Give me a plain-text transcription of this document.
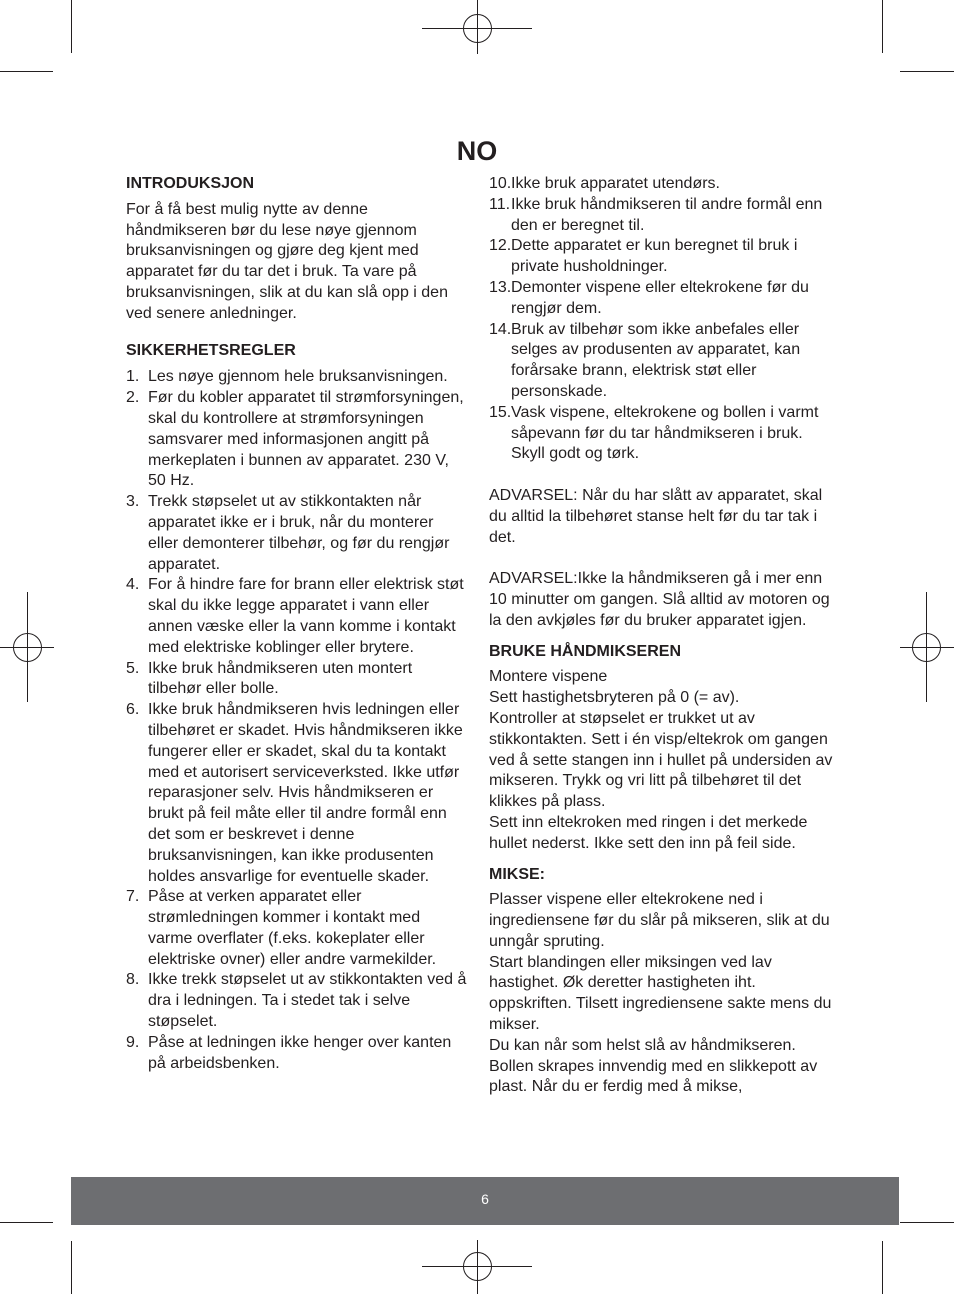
NO
INTRODUKSJON

For å få best mulig nytte av denne håndmikseren bør du lese nøye gjennom bruksanvisningen og gjøre deg kjent med apparatet før du tar det i bruk. Ta vare på bruksanvisningen, slik at du kan slå opp i den ved senere anledninger.

SIKKERHETSREGLER
1. Les nøye gjennom hele bruksanvisningen.
2. Før du kobler apparatet til strømforsyningen, skal du kontrollere at strømforsyningen samsvarer med informasjonen angitt på merkeplaten i bunnen av apparatet. 230 V, 50 Hz.
3. Trekk støpselet ut av stikkontakten når apparatet ikke er i bruk, når du monterer eller demonterer tilbehør, og før du rengjør apparatet.
4. For å hindre fare for brann eller elektrisk støt skal du ikke legge apparatet i vann eller annen væske eller la vann komme i kontakt med elektriske koblinger eller brytere.
5. Ikke bruk håndmikseren uten montert tilbehør eller bolle.
6. Ikke bruk håndmikseren hvis ledningen eller tilbehøret er skadet. Hvis håndmikseren ikke fungerer eller er skadet, skal du ta kontakt med et autorisert serviceverksted. Ikke utfør reparasjoner selv. Hvis håndmikseren er brukt på feil måte eller til andre formål enn det som er beskrevet i denne bruksanvisningen, kan ikke produsenten holdes ansvarlige for eventuelle skader.
7. Påse at verken apparatet eller strømledningen kommer i kontakt med varme overflater (f.eks. kokeplater eller elektriske ovner) eller andre varmekilder.
8. Ikke trekk støpselet ut av stikkontakten ved å dra i ledningen. Ta i stedet tak i selve støpselet.
9. Påse at ledningen ikke henger over kanten på arbeidsbenken.
10. Ikke bruk apparatet utendørs.
11. Ikke bruk håndmikseren til andre formål enn den er beregnet til.
12. Dette apparatet er kun beregnet til bruk i private husholdninger.
13. Demonter vispene eller eltekrokene før du rengjør dem.
14. Bruk av tilbehør som ikke anbefales eller selges av produsenten av apparatet, kan forårsake brann, elektrisk støt eller personskade.
15. Vask vispene, eltekrokene og bollen i varmt såpevann før du tar håndmikseren i bruk. Skyll godt og tørk.

ADVARSEL: Når du har slått av apparatet, skal du alltid la tilbehøret stanse helt før du tar tak i det.

ADVARSEL:Ikke la håndmikseren gå i mer enn 10 minutter om gangen. Slå alltid av motoren og la den avkjøles før du bruker apparatet igjen.

BRUKE HÅNDMIKSEREN

Montere vispene

Sett hastighetsbryteren på 0 (= av).

Kontroller at støpselet er trukket ut av stikkontakten. Sett i én visp/eltekrok om gangen ved å sette stangen inn i hullet på undersiden av mikseren. Trykk og vri litt på tilbehøret til det klikkes på plass.

Sett inn eltekroken med ringen i det merkede hullet nederst. Ikke sett den inn på feil side.

MIKSE:

Plasser vispene eller eltekrokene ned i ingrediensene før du slår på mikseren, slik at du unngår spruting.

Start blandingen eller miksingen ved lav hastighet. Øk deretter hastigheten iht. oppskriften. Tilsett ingrediensene sakte mens du mikser.

Du kan når som helst slå av håndmikseren. Bollen skrapes innvendig med en slikkepott av plast. Når du er ferdig med å mikse,

6
